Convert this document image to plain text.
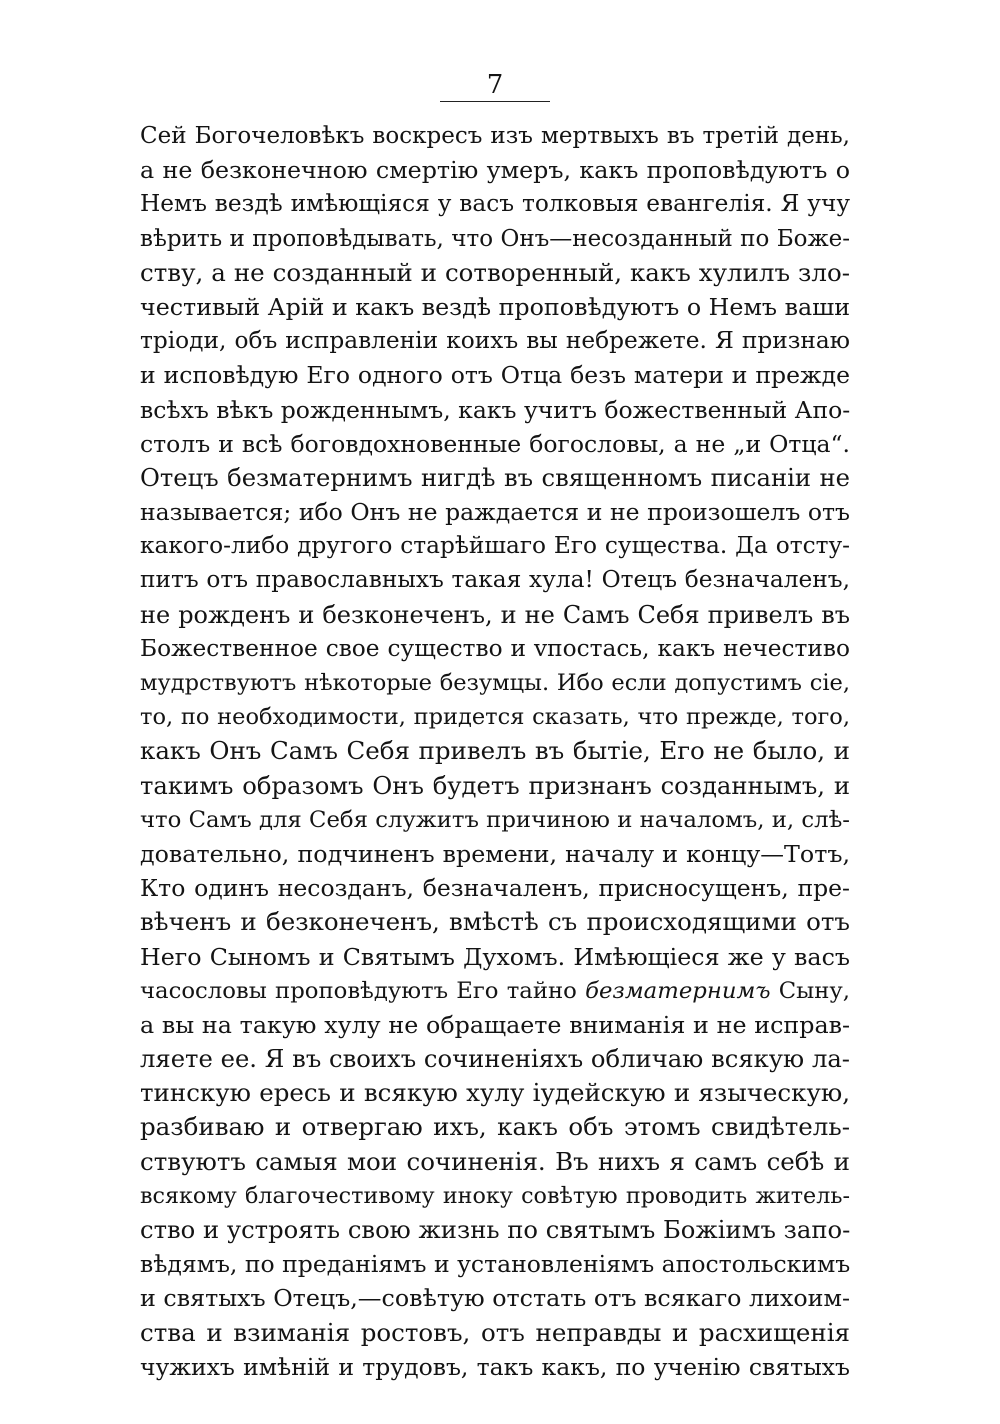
7
Сей Богочеловѣкъ воскресъ изъ мертвыхъ въ третій день,
а не безконечною смертію умеръ, какъ проповѣдуютъ о
Немъ вездѣ имѣющіяся у васъ толковыя евангелія. Я учу
вѣрить и проповѣдывать, что Онъ—несозданный по Боже-
ству, а не созданный и сотворенный, какъ хулилъ зло-
честивый Арій и какъ вездѣ проповѣдуютъ о Немъ ваши
тріоди, объ исправленіи коихъ вы небрежете. Я признаю
и исповѣдую Его одного отъ Отца безъ матери и прежде
всѣхъ вѣкъ рожденнымъ, какъ учитъ божественный Апо-
столъ и всѣ боговдохновенные богословы, а не „и Отца“.
Отецъ безматернимъ нигдѣ въ священномъ писаніи не
называется; ибо Онъ не раждается и не произошелъ отъ
какого-либо другого старѣйшаго Его существа. Да отсту-
питъ отъ православныхъ такая хула! Отецъ безначаленъ,
не рожденъ и безконеченъ, и не Самъ Себя привелъ въ
Божественное свое существо и vпостась, какъ нечестиво
мудрствуютъ нѣкоторые безумцы. Ибо если допустимъ сіе,
то, по необходимости, придется сказать, что прежде, того,
какъ Онъ Самъ Себя привелъ въ бытіе, Его не было, и
такимъ образомъ Онъ будетъ признанъ созданнымъ, и
что Самъ для Себя служитъ причиною и началомъ, и, слѣ-
довательно, подчиненъ времени, началу и концу—Тотъ,
Кто одинъ несозданъ, безначаленъ, присносущенъ, пре-
вѣченъ и безконеченъ, вмѣстѣ съ происходящими отъ
Него Сыномъ и Святымъ Духомъ. Имѣющіеся же у васъ
часословы проповѣдуютъ Его тайно безматернимъ Сыну,
а вы на такую хулу не обращаете вниманія и не исправ-
ляете ее. Я въ своихъ сочиненіяхъ обличаю всякую ла-
тинскую ересь и всякую хулу іудейскую и языческую,
разбиваю и отвергаю ихъ, какъ объ этомъ свидѣтель-
ствуютъ самыя мои сочиненія. Въ нихъ я самъ себѣ и
всякому благочестивому иноку совѣтую проводить житель-
ство и устроять свою жизнь по святымъ Божіимъ запо-
вѣдямъ, по преданіямъ и установленіямъ апостольскимъ
и святыхъ Отецъ,—совѣтую отстать отъ всякаго лихоим-
ства и взиманія ростовъ, отъ неправды и расхищенія
чужихъ имѣній и трудовъ, такъ какъ, по ученію святыхъ
